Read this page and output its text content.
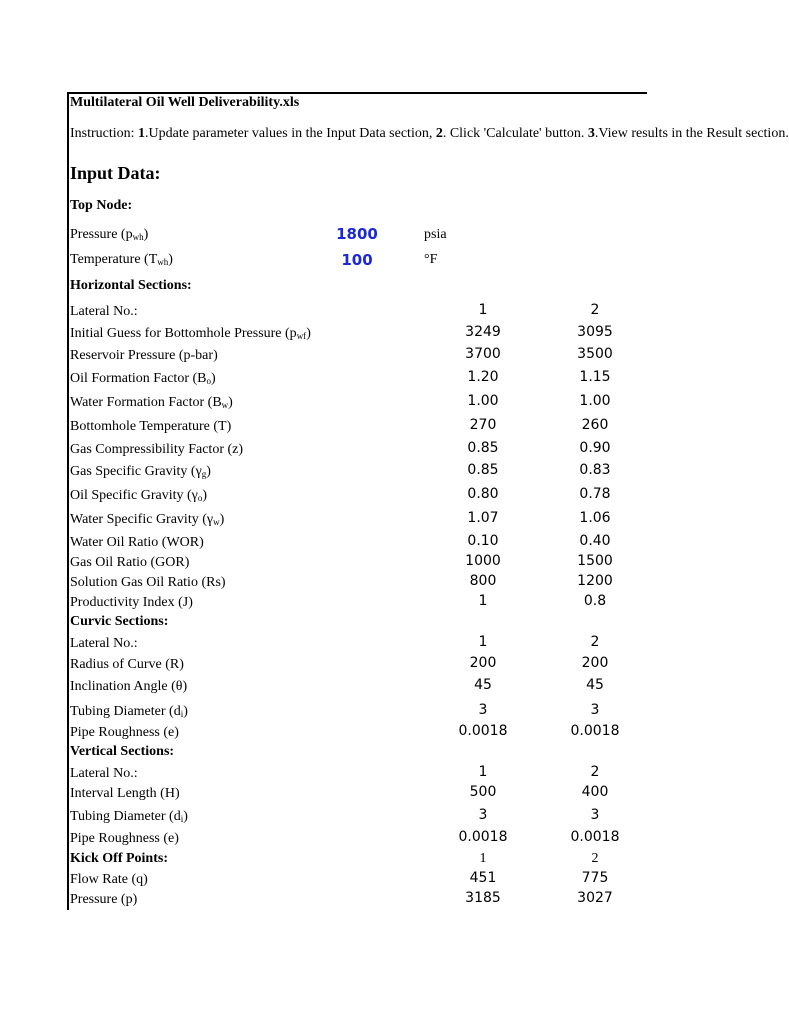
Multilateral Oil Well Deliverability.xls
Instruction: 1.Update parameter values in the Input Data section, 2. Click 'Calculate' button. 3.View results in the Result section.
Input Data:
Top Node:
Pressure $(p_{wh})$	1800	psia
Temperature $(T_{wh})$	100	°F
Horizontal Sections:
Lateral No.:	1	2
Initial Guess for Bottomhole Pressure $(p_{wf})$	3249	3095
Reservoir Pressure (p-bar)	3700	3500
Oil Formation Factor $(B_o)$	1.20	1.15
Water Formation Factor $(B_w)$	1.00	1.00
Bottomhole Temperature (T)	270	260
Gas Compressibility Factor (z)	0.85	0.90
Gas Specific Gravity $(\gamma_g)$	0.85	0.83
Oil Specific Gravity $(\gamma_o)$	0.80	0.78
Water Specific Gravity $(\gamma_w)$	1.07	1.06
Water Oil Ratio (WOR)	0.10	0.40
Gas Oil Ratio (GOR)	1000	1500
Solution Gas Oil Ratio (Rs)	800	1200
Productivity Index (J)	1	0.8
Curvic Sections:
Lateral No.:	1	2
Radius of Curve (R)	200	200
Inclination Angle (θ)	45	45
Tubing Diameter $(d_i)$	3	3
Pipe Roughness (e)	0.0018	0.0018
Vertical Sections:
Lateral No.:	1	2
Interval Length (H)	500	400
Tubing Diameter $(d_i)$	3	3
Pipe Roughness (e)	0.0018	0.0018
Kick Off Points:	1	2
Flow Rate (q)	451	775
Pressure (p)	3185	3027
